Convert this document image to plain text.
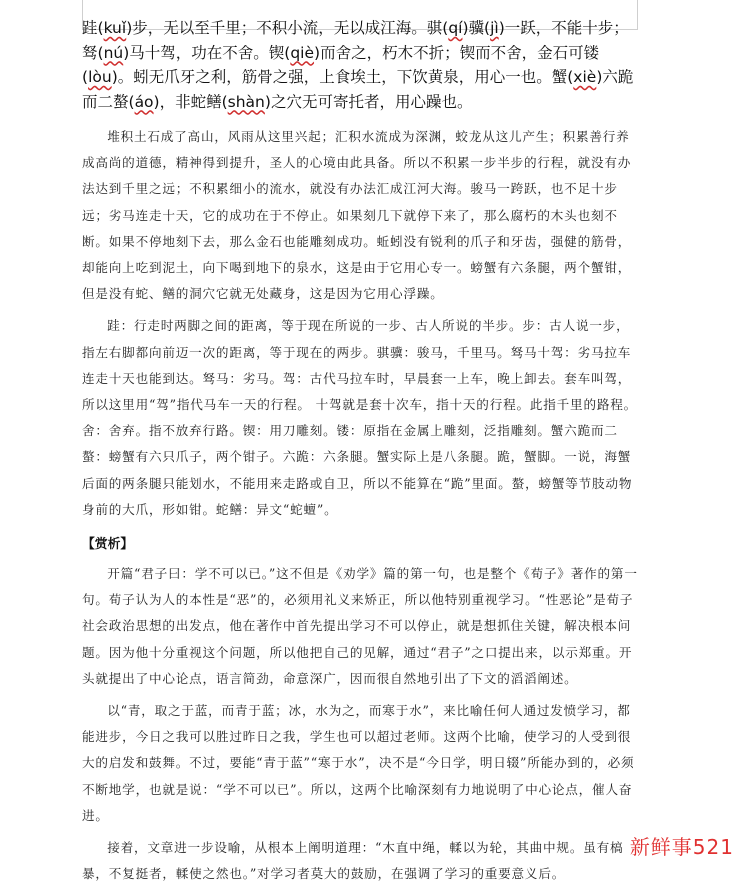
跬(kuǐ)步，无以至千里；不积小流，无以成江海。骐(qí)骥(jì)一跃，不能十步；驽(nú)马十驾，功在不舍。锲(qiè)而舍之，朽木不折；锲而不舍，金石可镂(lòu)。蚓无爪牙之利，筋骨之强，上食埃土，下饮黄泉，用心一也。蟹(xiè)六跪而二螯(áo)，非蛇鳝(shàn)之穴无可寄托者，用心躁也。

堆积土石成了高山，风雨从这里兴起；汇积水流成为深渊，蛟龙从这儿产生；积累善行养成高尚的道德，精神得到提升，圣人的心境由此具备。所以不积累一步半步的行程，就没有办法达到千里之远；不积累细小的流水，就没有办法汇成江河大海。骏马一跨跃，也不足十步远；劣马连走十天，它的成功在于不停止。如果刻几下就停下来了，那么腐朽的木头也刻不断。如果不停地刻下去，那么金石也能雕刻成功。蚯蚓没有锐利的爪子和牙齿，强健的筋骨，却能向上吃到泥土，向下喝到地下的泉水，这是由于它用心专一。螃蟹有六条腿，两个蟹钳，但是没有蛇、鳝的洞穴它就无处藏身，这是因为它用心浮躁。

跬：行走时两脚之间的距离，等于现在所说的一步、古人所说的半步。步：古人说一步，指左右脚都向前迈一次的距离，等于现在的两步。骐骥：骏马，千里马。驽马十驾：劣马拉车连走十天也能到达。驽马：劣马。驾：古代马拉车时，早晨套一上车，晚上卸去。套车叫驾，所以这里用“驾”指代马车一天的行程。 十驾就是套十次车，指十天的行程。此指千里的路程。舍：舍弃。指不放弃行路。锲：用刀雕刻。镂：原指在金属上雕刻，泛指雕刻。蟹六跪而二螯：螃蟹有六只爪子，两个钳子。六跪：六条腿。蟹实际上是八条腿。跪，蟹脚。一说，海蟹后面的两条腿只能划水，不能用来走路或自卫，所以不能算在“跪”里面。螯，螃蟹等节肢动物身前的大爪，形如钳。蛇鳝：异文“蛇蟺”。

【赏析】

开篇“君子曰：学不可以已。”这不但是《劝学》篇的第一句，也是整个《荀子》著作的第一句。荀子认为人的本性是“恶”的，必须用礼义来矫正，所以他特别重视学习。“性恶论”是荀子社会政治思想的出发点，他在著作中首先提出学习不可以停止，就是想抓住关键，解决根本问题。因为他十分重视这个问题，所以他把自己的见解，通过“君子”之口提出来，以示郑重。开头就提出了中心论点，语言简劲，命意深广，因而很自然地引出了下文的滔滔阐述。

以“青，取之于蓝，而青于蓝；冰，水为之，而寒于水”，来比喻任何人通过发愤学习，都能进步，今日之我可以胜过昨日之我，学生也可以超过老师。这两个比喻，使学习的人受到很大的启发和鼓舞。不过，要能“青于蓝”“寒于水”，决不是“今日学，明日辍”所能办到的，必须不断地学，也就是说：“学不可以已”。所以，这两个比喻深刻有力地说明了中心论点，催人奋进。

接着，文章进一步设喻，从根本上阐明道理：“木直中绳，輮以为轮，其曲中规。虽有槁暴，不复挺者，輮使之然也。”对学习者莫大的鼓励，在强调了学习的重要意义后。

新鲜事521
